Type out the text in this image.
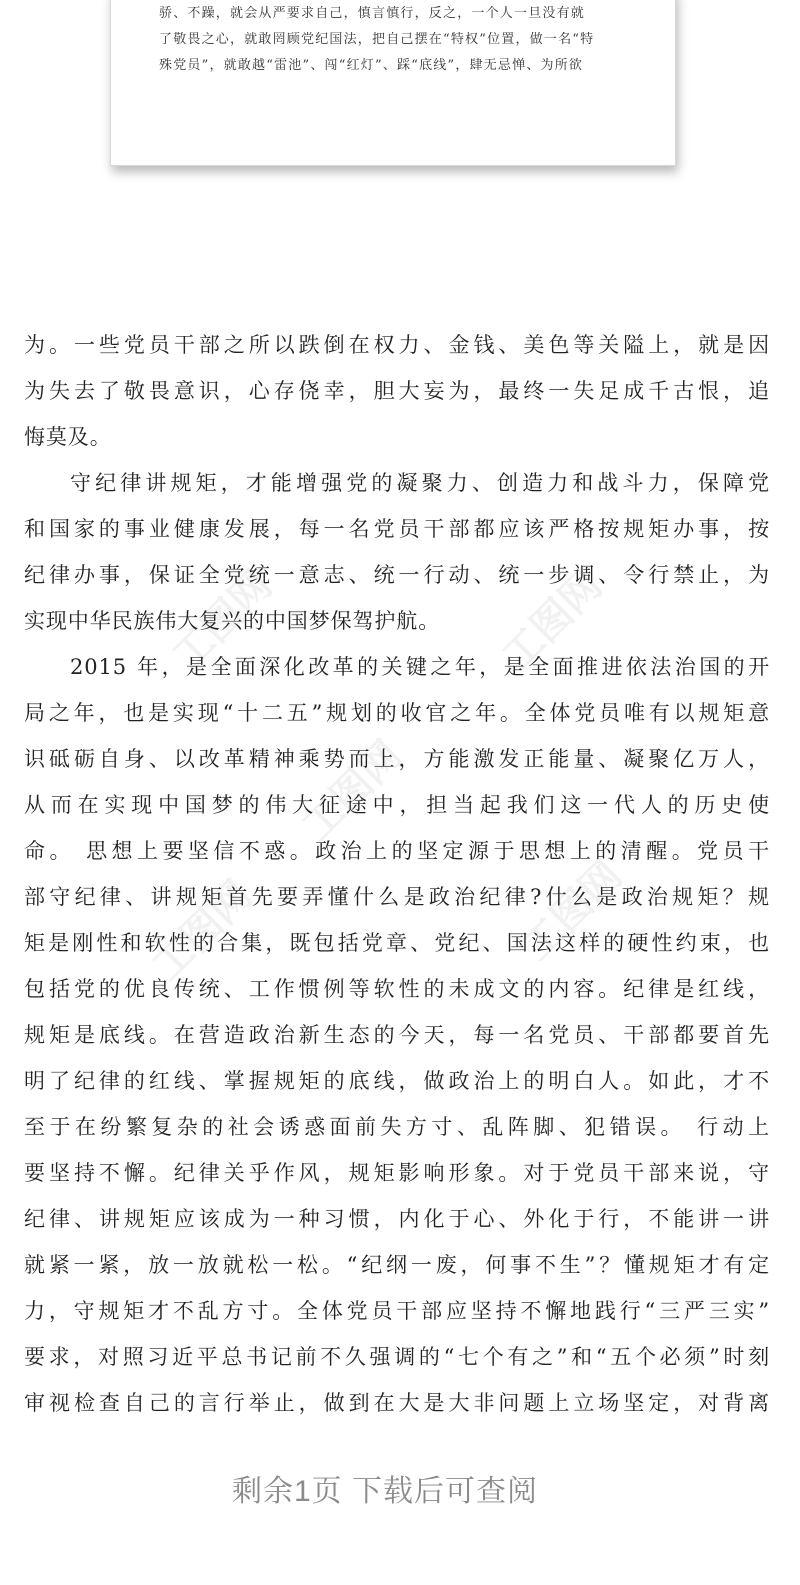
骄、不躁，就会从严要求自己，慎言慎行，反之，一个人一旦没有就

了敬畏之心，就敢罔顾党纪国法，把自己摆在“特权”位置，做一名“特

殊党员”，就敢越“雷池”、闯“红灯”、踩“底线”，肆无忌惮、为所欲

工图网	工图网
工图网
工图网	工图网
为。一些党员干部之所以跌倒在权力、金钱、美色等关隘上，就是因
为失去了敬畏意识，心存侥幸，胆大妄为，最终一失足成千古恨，追
悔莫及。
守纪律讲规矩，才能增强党的凝聚力、创造力和战斗力，保障党
和国家的事业健康发展，每一名党员干部都应该严格按规矩办事，按
纪律办事，保证全党统一意志、统一行动、统一步调、令行禁止，为
实现中华民族伟大复兴的中国梦保驾护航。
2015 年，是全面深化改革的关键之年，是全面推进依法治国的开
局之年，也是实现“十二五”规划的收官之年。全体党员唯有以规矩意
识砥砺自身、以改革精神乘势而上，方能激发正能量、凝聚亿万人，
从而在实现中国梦的伟大征途中，担当起我们这一代人的历史使
命。 思想上要坚信不惑。政治上的坚定源于思想上的清醒。党员干
部守纪律、讲规矩首先要弄懂什么是政治纪律?什么是政治规矩？规
矩是刚性和软性的合集，既包括党章、党纪、国法这样的硬性约束，也
包括党的优良传统、工作惯例等软性的未成文的内容。纪律是红线，
规矩是底线。在营造政治新生态的今天，每一名党员、干部都要首先
明了纪律的红线、掌握规矩的底线，做政治上的明白人。如此，才不
至于在纷繁复杂的社会诱惑面前失方寸、乱阵脚、犯错误。 行动上
要坚持不懈。纪律关乎作风，规矩影响形象。对于党员干部来说，守
纪律、讲规矩应该成为一种习惯，内化于心、外化于行，不能讲一讲
就紧一紧，放一放就松一松。“纪纲一废，何事不生”？懂规矩才有定
力，守规矩才不乱方寸。全体党员干部应坚持不懈地践行“三严三实”
要求，对照习近平总书记前不久强调的“七个有之”和“五个必须”时刻
审视检查自己的言行举止，做到在大是大非问题上立场坚定，对背离
剩余1页 下载后可查阅
